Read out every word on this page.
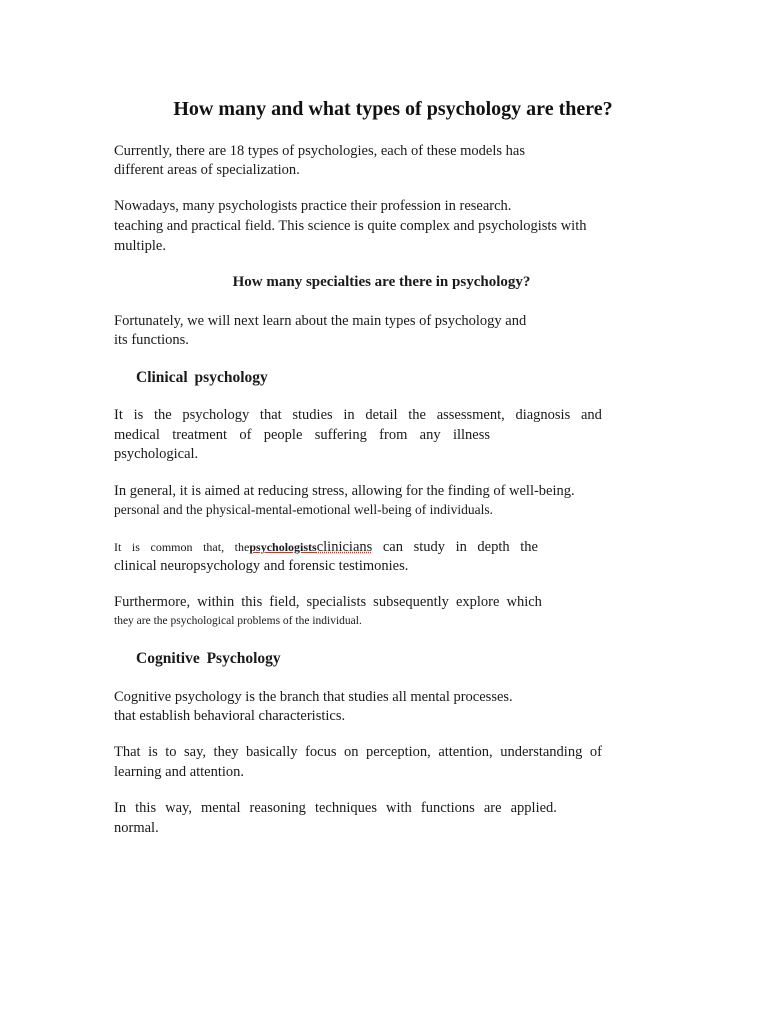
How many and what types of psychology are there?

Currently, there are 18 types of psychologies, each of these models has

different areas of specialization.

Nowadays, many psychologists practice their profession in research.

teaching and practical field. This science is quite complex and psychologists with

multiple.

How many specialties are there in psychology?

Fortunately, we will next learn about the main types of psychology and

its functions.

Clinical psychology

It is the psychology that studies in detail the assessment, diagnosis and

medical treatment of people suffering from any illness

psychological.

In general, it is aimed at reducing stress, allowing for the finding of well-being.

personal and the physical-mental-emotional well-being of individuals.

It is common that, thepsychologistsclinicians can study in depth the

clinical neuropsychology and forensic testimonies.

Furthermore, within this field, specialists subsequently explore which

they are the psychological problems of the individual.

Cognitive Psychology

Cognitive psychology is the branch that studies all mental processes.

that establish behavioral characteristics.

That is to say, they basically focus on perception, attention, understanding of

learning and attention.

In this way, mental reasoning techniques with functions are applied.

normal.
